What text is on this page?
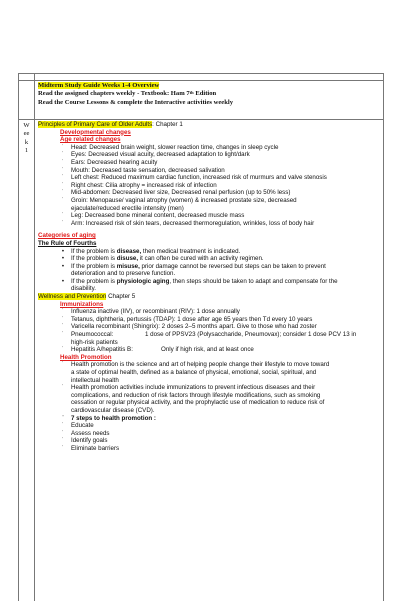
Midterm Study Guide Weeks 1-4 Overview
Read the assigned chapters weekly - Textbook: Ham 7th Edition
Read the Course Lessons & complete the Interactive activities weekly
W
ee
k
1
Principles of Primary Care of Older Adults: Chapter 1
Developmental changes
Age related changes
˙	Head: Decreased brain weight, slower reaction time, changes in sleep cycle
˙	Eyes: Decreased visual acuity, decreased adaptation to light/dark
˙	Ears: Decreased hearing acuity
˙	Mouth: Decreased taste sensation, decreased salivation
˙	Left chest: Reduced maximum cardiac function, increased risk of murmurs and valve stenosis
˙	Right chest: Cilia atrophy = increased risk of infection
˙	Mid-abdomen: Decreased liver size, Decreased renal perfusion (up to 50% less)
˙	Groin: Menopause/ vaginal atrophy (women) & increased prostate size, decreased
ejaculate/reduced erectile intensity (men)
˙	Leg: Decreased bone mineral content, decreased muscle mass
˙	Arm: Increased risk of skin tears, decreased thermoregulation, wrinkles, loss of body hair
Categories of aging
The Rule of Fourths
•	If the problem is disease, then medical treatment is indicated.
•	If the problem is disuse, it can often be cured with an activity regimen.
•	If the problem is misuse, prior damage cannot be reversed but steps can be taken to prevent
deterioration and to preserve function.
•	If the problem is physiologic aging, then steps should be taken to adapt and compensate for the
disability.
Wellness and Prevention Chapter 5
Immunizations
˙	Influenza inactive (IIV), or recombinant (RIV): 1 dose annually
˙	Tetanus, diphtheria, pertussis (TDAP): 1 dose after age 65 years then Td every 10 years
˙	Varicella recombinant (Shingrix): 2 doses 2–5 months apart. Give to those who had zoster
˙	Pneumococcal:	1 dose of PPSV23 (Polysaccharide, Pneumovax); consider 1 dose PCV 13 in
high-risk patients
˙	Hepatitis A/hepatitis B:	Only if high risk, and at least once
Health Promotion
˙	Health promotion is the science and art of helping people change their lifestyle to move toward
a state of optimal health, defined as a balance of physical, emotional, social, spiritual, and
intellectual health
˙	Health promotion activities include immunizations to prevent infectious diseases and their
complications, and reduction of risk factors through lifestyle modifications, such as smoking
cessation or regular physical activity, and the prophylactic use of medication to reduce risk of
cardiovascular disease (CVD).
˙	7 steps to health promotion :
˙	Educate
˙	Assess needs
˙	Identify goals
˙	Eliminate barriers
